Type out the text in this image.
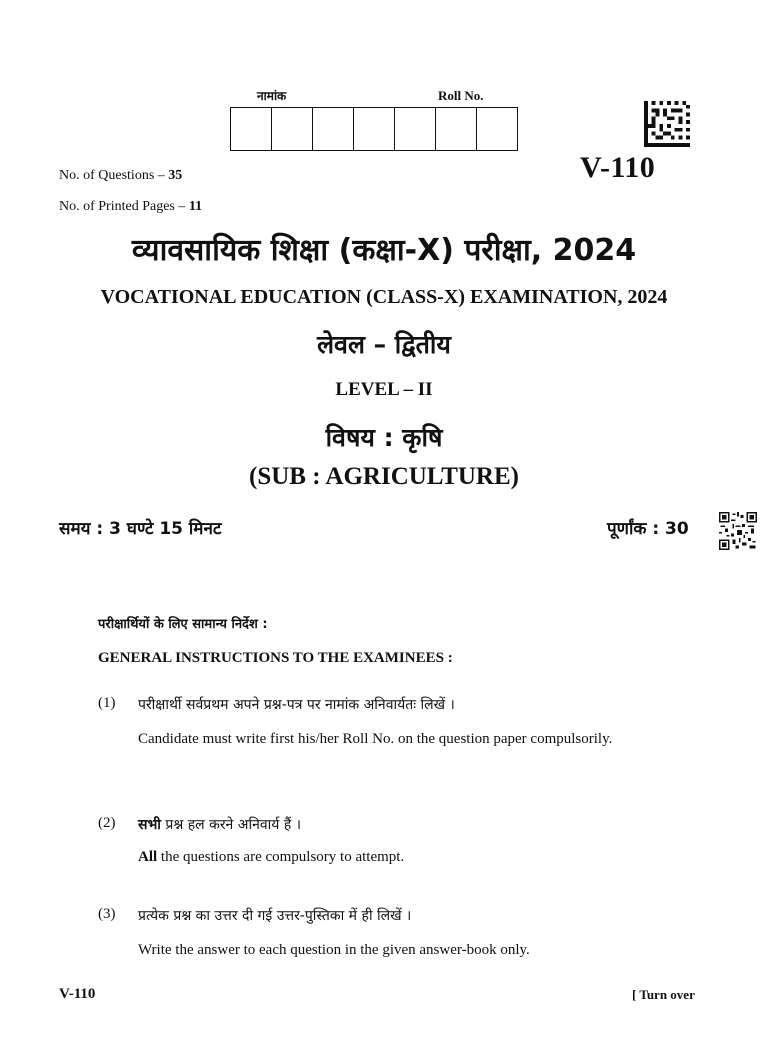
नामांक	Roll No.
V-110
No. of Questions – 35
No. of Printed Pages – 11
व्यावसायिक शिक्षा (कक्षा-X) परीक्षा, 2024
VOCATIONAL EDUCATION (CLASS-X) EXAMINATION, 2024
लेवल – द्वितीय
LEVEL – II
विषय : कृषि
(SUB : AGRICULTURE)
समय : 3 घण्टे 15 मिनट	पूर्णांक : 30
परीक्षार्थियों के लिए सामान्य निर्देश :
GENERAL INSTRUCTIONS TO THE EXAMINEES :
(1) परीक्षार्थी सर्वप्रथम अपने प्रश्न-पत्र पर नामांक अनिवार्यतः लिखें ।
Candidate must write first his/her Roll No. on the question paper compulsorily.
(2) सभी प्रश्न हल करने अनिवार्य हैं ।
All the questions are compulsory to attempt.
(3) प्रत्येक प्रश्न का उत्तर दी गई उत्तर-पुस्तिका में ही लिखें ।
Write the answer to each question in the given answer-book only.
V-110	[ Turn over
